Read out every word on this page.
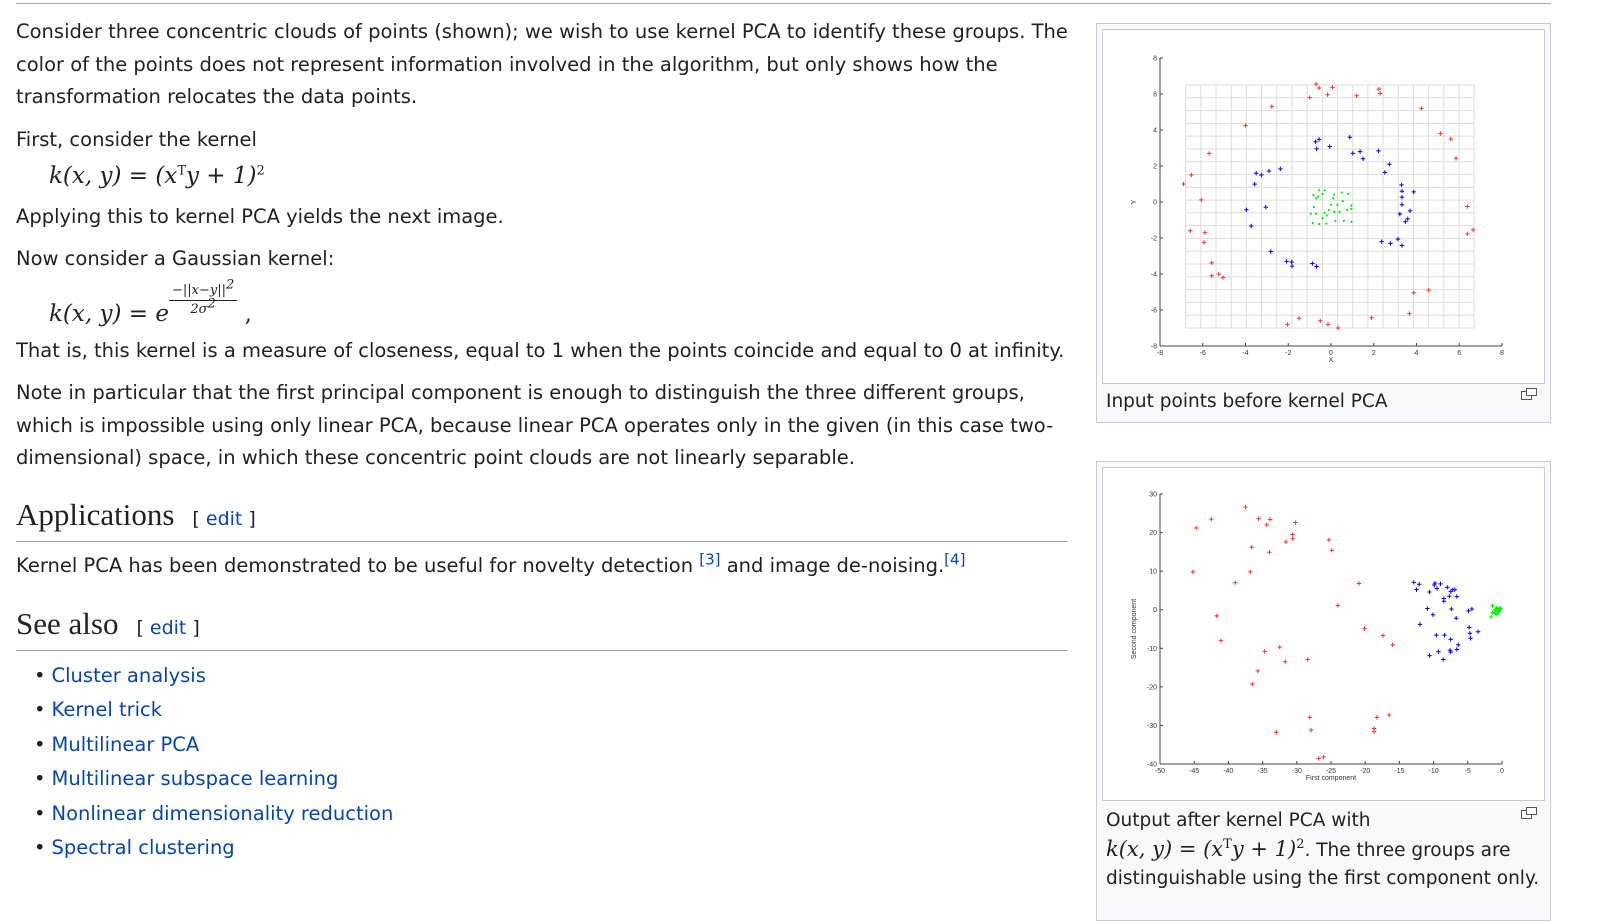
Consider three concentric clouds of points (shown); we wish to use kernel PCA to identify these groups. The color of the points does not represent information involved in the algorithm, but only shows how the transformation relocates the data points.

First, consider the kernel

k(x, $y) = (x^Ty + 1)^2$

Applying this to kernel PCA yields the next image.

Now consider a Gaussian kernel:

k(x, y) = e $\frac{-||x-y||^2}{2\sigma^2}$ ,

That is, this kernel is a measure of closeness, equal to 1 when the points coincide and equal to 0 at infinity.

Note in particular that the first principal component is enough to distinguish the three different groups, which is impossible using only linear PCA, because linear PCA operates only in the given (in this case two-dimensional) space, in which these concentric point clouds are not linearly separable.

Applications [ edit ]

Kernel PCA has been demonstrated to be useful for novelty detection [3] and image de-noising.[4]

See also [ edit ]
• Cluster analysis
• Kernel trick
• Multilinear PCA
• Multilinear subspace learning
• Nonlinear dimensionality reduction
• Spectral clustering
-8	-6	-4	-2	0	2	4	6	8
-8
-6
-4
-2
0
2
4
6
8
X
Y
Input points before kernel PCA
-50	-45	-40	-35	-30	-25	-20	-15	-10	-5	0
-40
-30
-20
-10
0
10
20
30
First component
Second component
Output after kernel PCA with
k(x, $y) = (x^Ty + 1)^2$. The three groups are distinguishable using the first component only.
